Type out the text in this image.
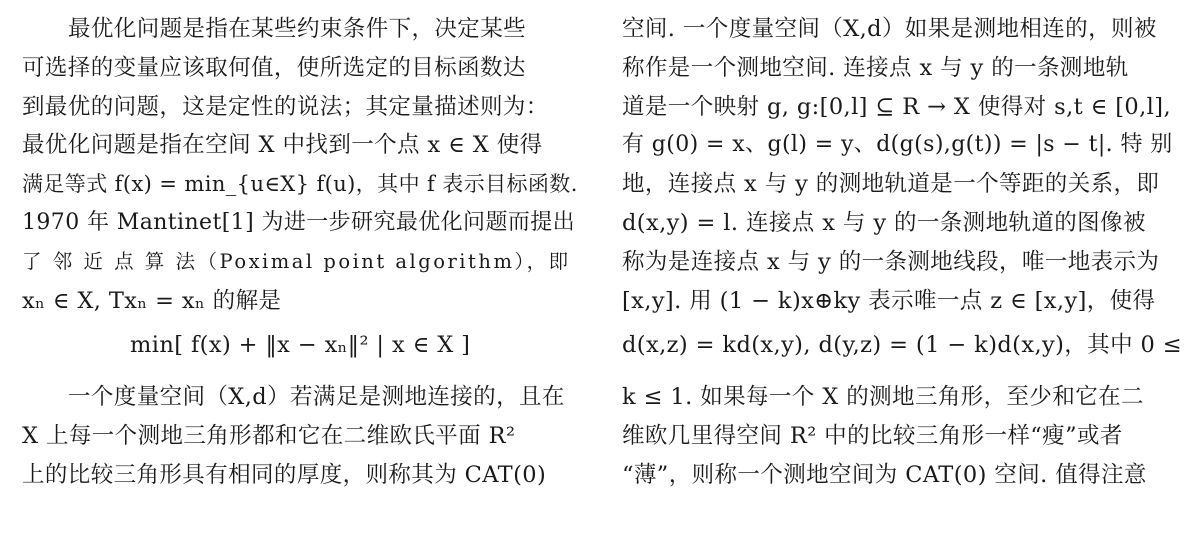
最优化问题是指在某些约束条件下，决定某些
可选择的变量应该取何值，使所选定的目标函数达
到最优的问题，这是定性的说法；其定量描述则为：
最优化问题是指在空间 X 中找到一个点 x ∈ X 使得
满足等式 f(x) = min_{u∈X} f(u)，其中 f 表示目标函数.
1970 年 Mantinet[1] 为进一步研究最优化问题而提出
了 邻 近 点 算 法（Poximal point algorithm），即
xₙ ∈ X, Txₙ = xₙ 的解是
min[ f(x) + ‖x − xₙ‖² | x ∈ X ]
一个度量空间（X,d）若满足是测地连接的，且在
X 上每一个测地三角形都和它在二维欧氏平面 R²
上的比较三角形具有相同的厚度，则称其为 CAT(0)
空间. 一个度量空间（X,d）如果是测地相连的，则被
称作是一个测地空间. 连接点 x 与 y 的一条测地轨
道是一个映射 g, g:[0,l] ⊆ R → X 使得对 s,t ∈ [0,l],
有 g(0) = x、g(l) = y、d(g(s),g(t)) = |s − t|. 特 别
地，连接点 x 与 y 的测地轨道是一个等距的关系，即
d(x,y) = l. 连接点 x 与 y 的一条测地轨道的图像被
称为是连接点 x 与 y 的一条测地线段，唯一地表示为
[x,y]. 用 (1 − k)x⊕ky 表示唯一点 z ∈ [x,y]，使得
d(x,z) = kd(x,y), d(y,z) = (1 − k)d(x,y)，其中 0 ≤
k ≤ 1. 如果每一个 X 的测地三角形，至少和它在二
维欧几里得空间 R² 中的比较三角形一样“瘦”或者
“薄”，则称一个测地空间为 CAT(0) 空间. 值得注意
